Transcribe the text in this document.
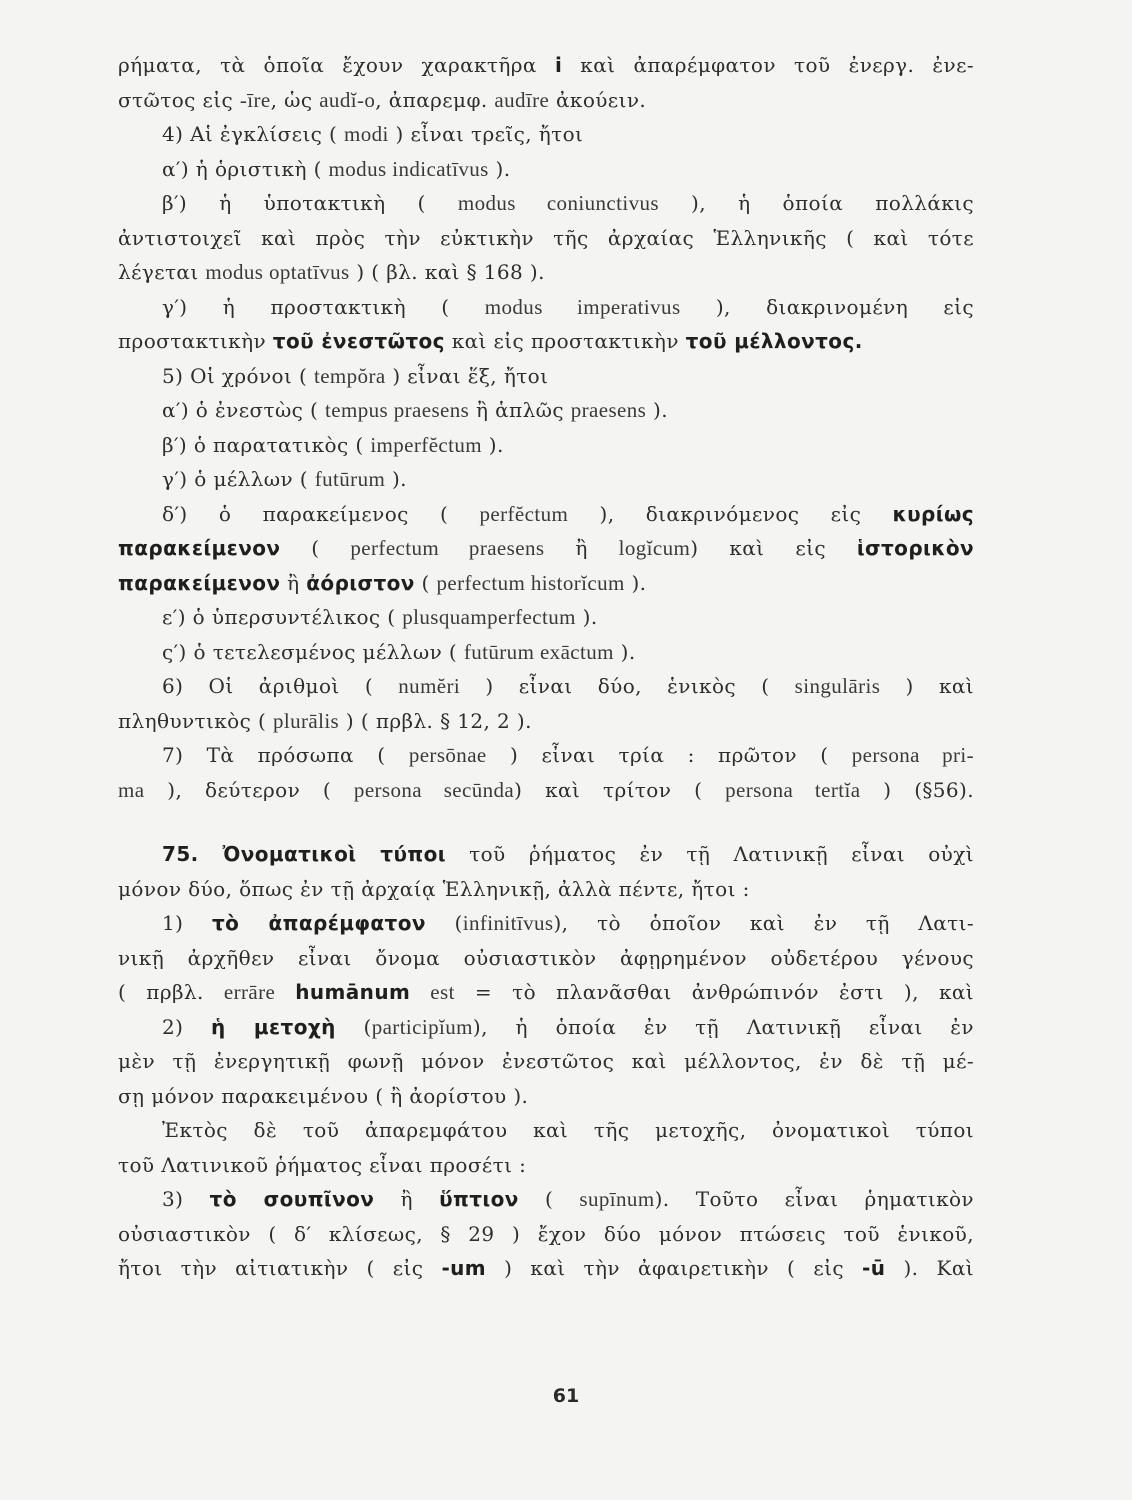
ρήματα, τὰ ὁποῖα ἔχουν χαρακτῆρα i καὶ ἀπαρέμφατον τοῦ ἐνεργ. ἐνε-
στῶτος εἰς -īre, ὡς audĭ-o, ἀπαρεμφ. audīre ἀκούειν.
4) Αἱ ἐγκλίσεις ( modi ) εἶναι τρεῖς, ἤτοι
α′) ἡ ὁριστικὴ ( modus indicatīvus ).
β′) ἡ ὑποτακτικὴ ( modus coniunctivus ), ἡ ὁποία πολλάκις
ἀντιστοιχεῖ καὶ πρὸς τὴν εὐκτικὴν τῆς ἀρχαίας Ἑλληνικῆς ( καὶ τότε
λέγεται modus optatīvus ) ( βλ. καὶ § 168 ).
γ′) ἡ προστακτικὴ ( modus imperativus ), διακρινομένη εἰς
προστακτικὴν τοῦ ἐνεστῶτος καὶ εἰς προστακτικὴν τοῦ μέλλοντος.
5) Οἱ χρόνοι ( tempŏra ) εἶναι ἕξ, ἤτοι
α′) ὁ ἐνεστὼς ( tempus praesens ἢ ἁπλῶς praesens ).
β′) ὁ παρατατικὸς ( imperfĕctum ).
γ′) ὁ μέλλων ( futūrum ).
δ′) ὁ παρακείμενος ( perfĕctum ), διακρινόμενος εἰς κυρίως
παρακείμενον ( perfectum praesens ἢ logĭcum) καὶ εἰς ἱστορικὸν
παρακείμενον ἢ ἀόριστον ( perfectum historĭcum ).
ε′) ὁ ὑπερσυντέλικος ( plusquamperfectum ).
ς′) ὁ τετελεσμένος μέλλων ( futūrum exāctum ).
6) Οἱ ἀριθμοὶ ( numĕri ) εἶναι δύο, ἑνικὸς ( singulāris ) καὶ
πληθυντικὸς ( plurālis ) ( πρβλ. § 12, 2 ).
7) Τὰ πρόσωπα ( persōnae ) εἶναι τρία : πρῶτον ( persona pri-
ma ), δεύτερον ( persona secūnda) καὶ τρίτον ( persona tertĭa ) (§56).
75. Ὀνοματικοὶ τύποι τοῦ ῥήματος ἐν τῇ Λατινικῇ εἶναι οὐχὶ
μόνον δύο, ὅπως ἐν τῇ ἀρχαίᾳ Ἑλληνικῇ, ἀλλὰ πέντε, ἤτοι :
1) τὸ ἀπαρέμφατον (infinitīvus), τὸ ὁποῖον καὶ ἐν τῇ Λατι-
νικῇ ἀρχῆθεν εἶναι ὄνομα οὐσιαστικὸν ἀφῃρημένον οὐδετέρου γένους
( πρβλ. errāre humānum est = τὸ πλανᾶσθαι ἀνθρώπινόν ἐστι ), καὶ
2) ἡ μετοχὴ (participĭum), ἡ ὁποία ἐν τῇ Λατινικῇ εἶναι ἐν
μὲν τῇ ἐνεργητικῇ φωνῇ μόνον ἐνεστῶτος καὶ μέλλοντος, ἐν δὲ τῇ μέ-
σῃ μόνον παρακειμένου ( ἢ ἀορίστου ).
Ἐκτὸς δὲ τοῦ ἀπαρεμφάτου καὶ τῆς μετοχῆς, ὀνοματικοὶ τύποι
τοῦ Λατινικοῦ ῥήματος εἶναι προσέτι :
3) τὸ σουπῖνον ἢ ὕπτιον ( supīnum). Τοῦτο εἶναι ῥηματικὸν
οὐσιαστικὸν ( δ′ κλίσεως, § 29 ) ἔχον δύο μόνον πτώσεις τοῦ ἑνικοῦ,
ἤτοι τὴν αἰτιατικὴν ( εἰς -um ) καὶ τὴν ἀφαιρετικὴν ( εἰς -ū ). Καὶ
61
